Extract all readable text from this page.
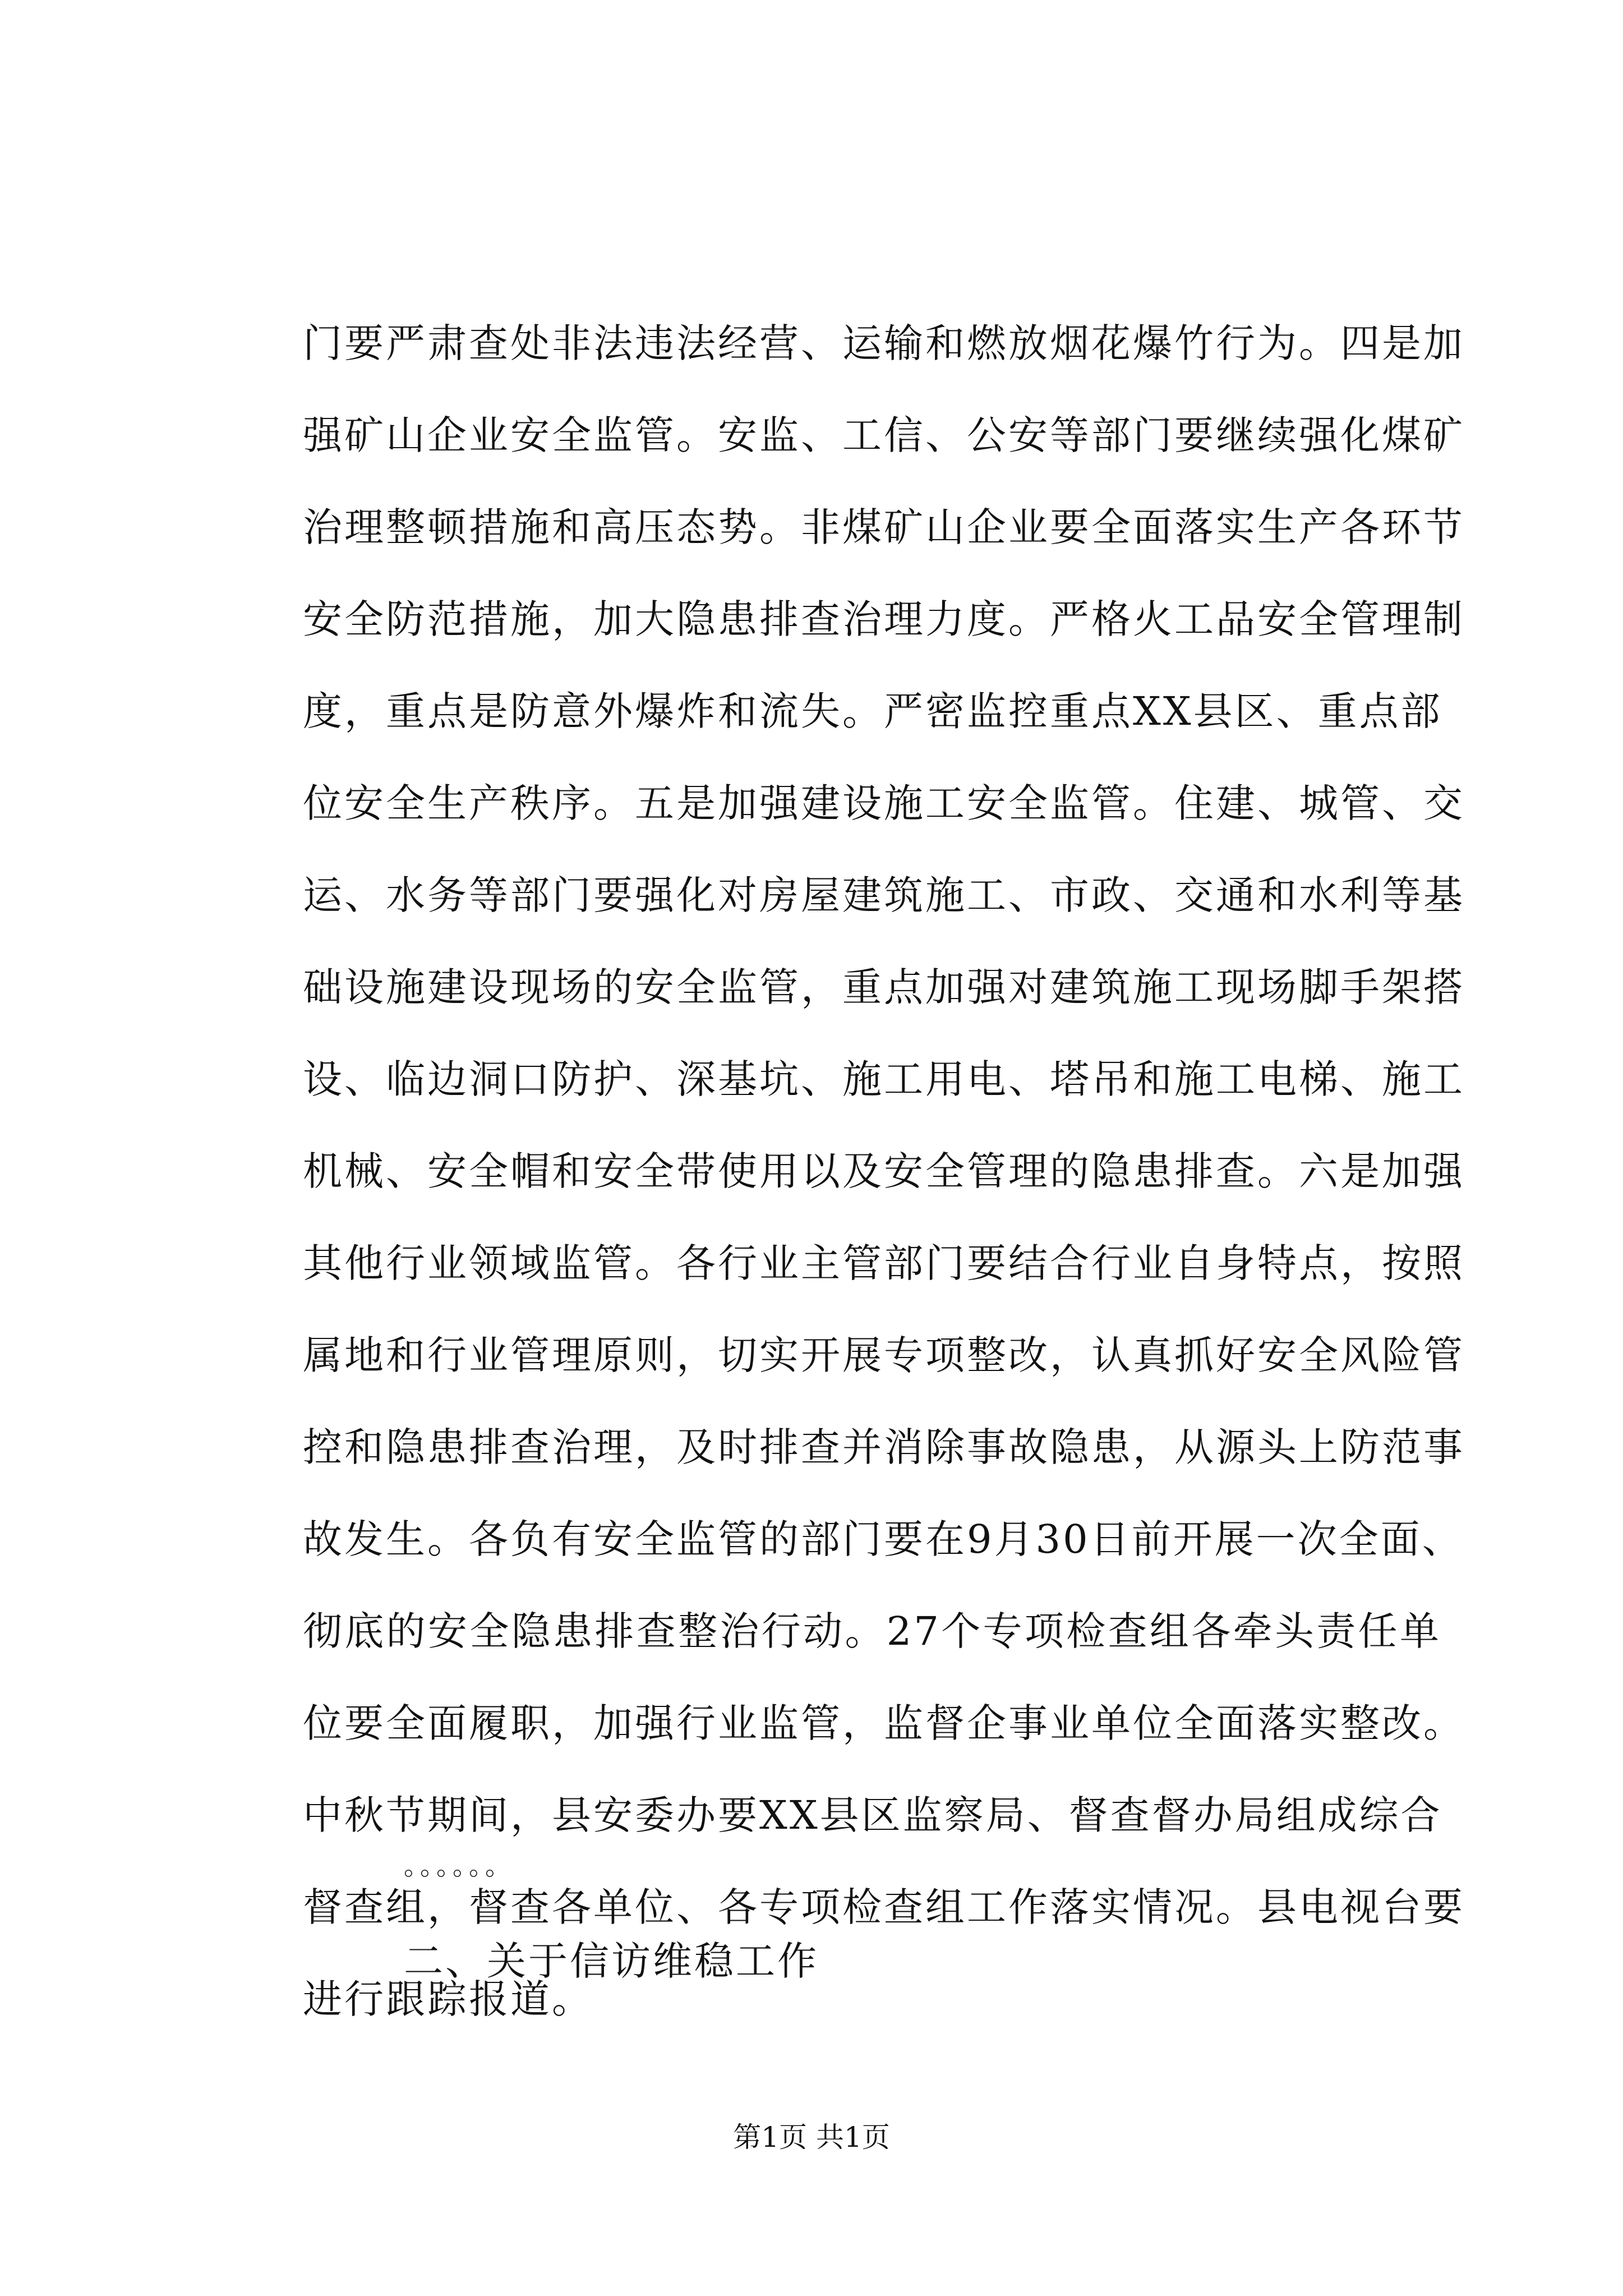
门要严肃查处非法违法经营、运输和燃放烟花爆竹行为。四是加
强矿山企业安全监管。安监、工信、公安等部门要继续强化煤矿
治理整顿措施和高压态势。非煤矿山企业要全面落实生产各环节
安全防范措施，加大隐患排查治理力度。严格火工品安全管理制
度，重点是防意外爆炸和流失。严密监控重点XX县区、重点部
位安全生产秩序。五是加强建设施工安全监管。住建、城管、交
运、水务等部门要强化对房屋建筑施工、市政、交通和水利等基
础设施建设现场的安全监管，重点加强对建筑施工现场脚手架搭
设、临边洞口防护、深基坑、施工用电、塔吊和施工电梯、施工
机械、安全帽和安全带使用以及安全管理的隐患排查。六是加强
其他行业领域监管。各行业主管部门要结合行业自身特点，按照
属地和行业管理原则，切实开展专项整改，认真抓好安全风险管
控和隐患排查治理，及时排查并消除事故隐患，从源头上防范事
故发生。各负有安全监管的部门要在9月30日前开展一次全面、
彻底的安全隐患排查整治行动。27个专项检查组各牵头责任单
位要全面履职，加强行业监管，监督企事业单位全面落实整改。
中秋节期间，县安委办要XX县区监察局、督查督办局组成综合
督查组，督查各单位、各专项检查组工作落实情况。县电视台要
进行跟踪报道。
。。。。。。
二、关于信访维稳工作
第1页 共1页
